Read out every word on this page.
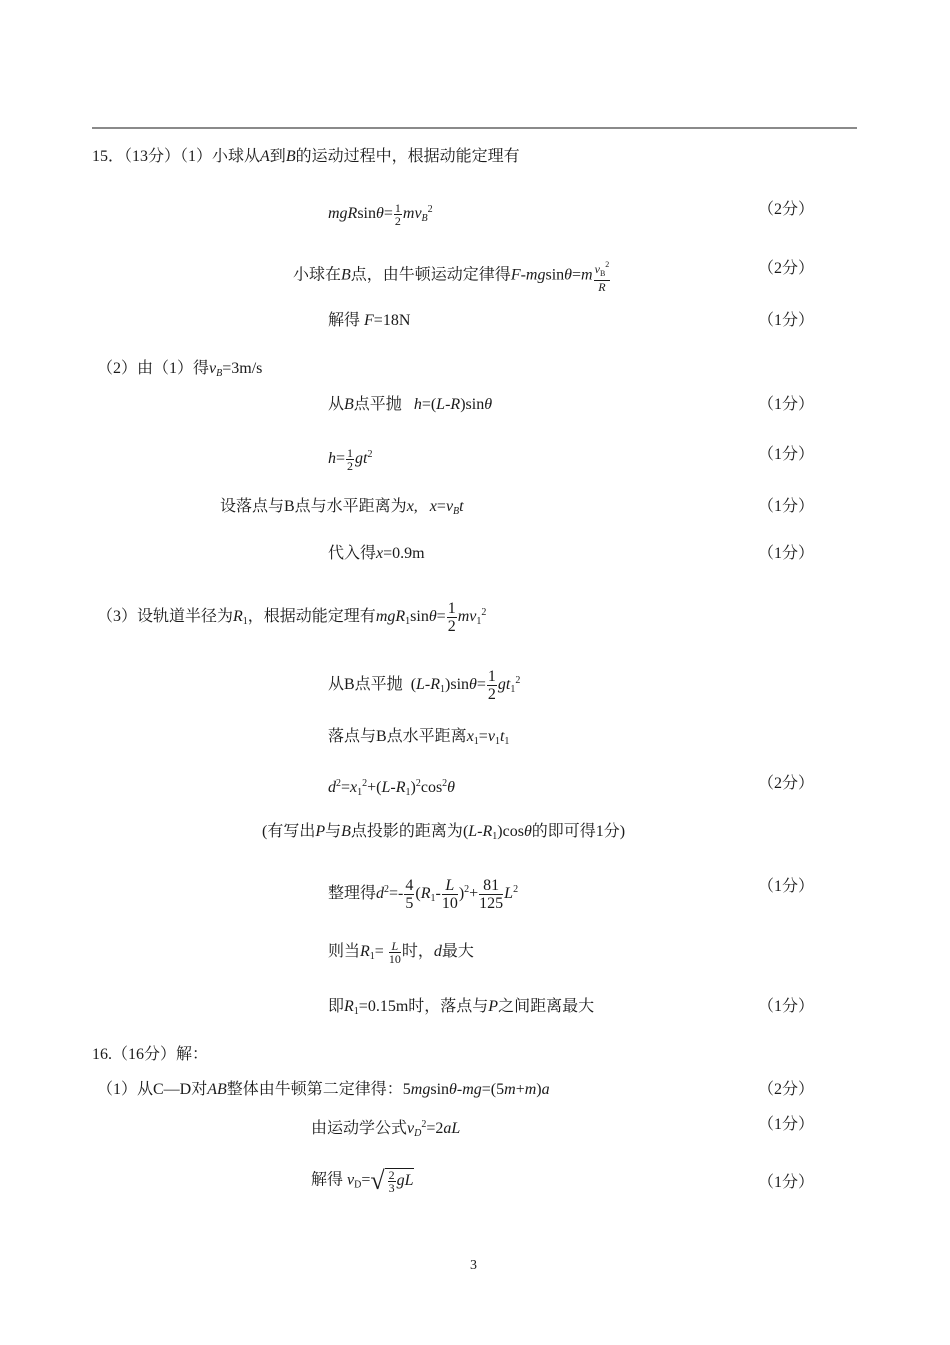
15．（13分）（1）小球从A到B的运动过程中，根据动能定理有
$mgRsin\theta= \frac{1}{2} mv_B^2$	（2分）
小球在B点，由牛顿运动定律得$F-mgsin\theta=m \frac{v_B^2}{R}$	（2分）
解得 F=18N	（1分）
（2）由（1）得$v_B=3m/s$
从B点平抛 h=(L-R)sinθ	（1分）
$h= \frac{1}{2} gt^2$	（1分）
设落点与B点与水平距离为x,   $x=v_Bt$	（1分）
代入得x=0.9m	（1分）
（3）设轨道半径为$R_1$，根据动能定理有$mgR_1\sin\theta= \frac{1}{2} mv_1^2$
从B点平抛  $(L-R_1)\sin\theta= \frac{1}{2} gt_1^2$
落点与B点水平距离$x_1=v_1t_1$
$d^2=x_1^2+(L-R_1)^2\cos^2\theta$	（2分）
(有写出P与B点投影的距离为$(L-R_1)\cos\theta$的即可得1分)
整理得$d^2=- \frac{4}{5} (R_1- \frac{L}{10} )^2+ \frac{81}{125} L^2$	（1分）
则当$R_1= \frac{L}{10}$ 时，d最大
即$R_1=0.15m$时，落点与P之间距离最大	（1分）
16.（16分）解：
（1）从C—D对AB整体由牛顿第二定律得：5mgsinθ-mg=(5m+m)a	（2分）
由运动学公式$v_D^2=2aL$	（1分）
解得 $v_D=√ \frac{2}{3}$ gL	（1分）
3
